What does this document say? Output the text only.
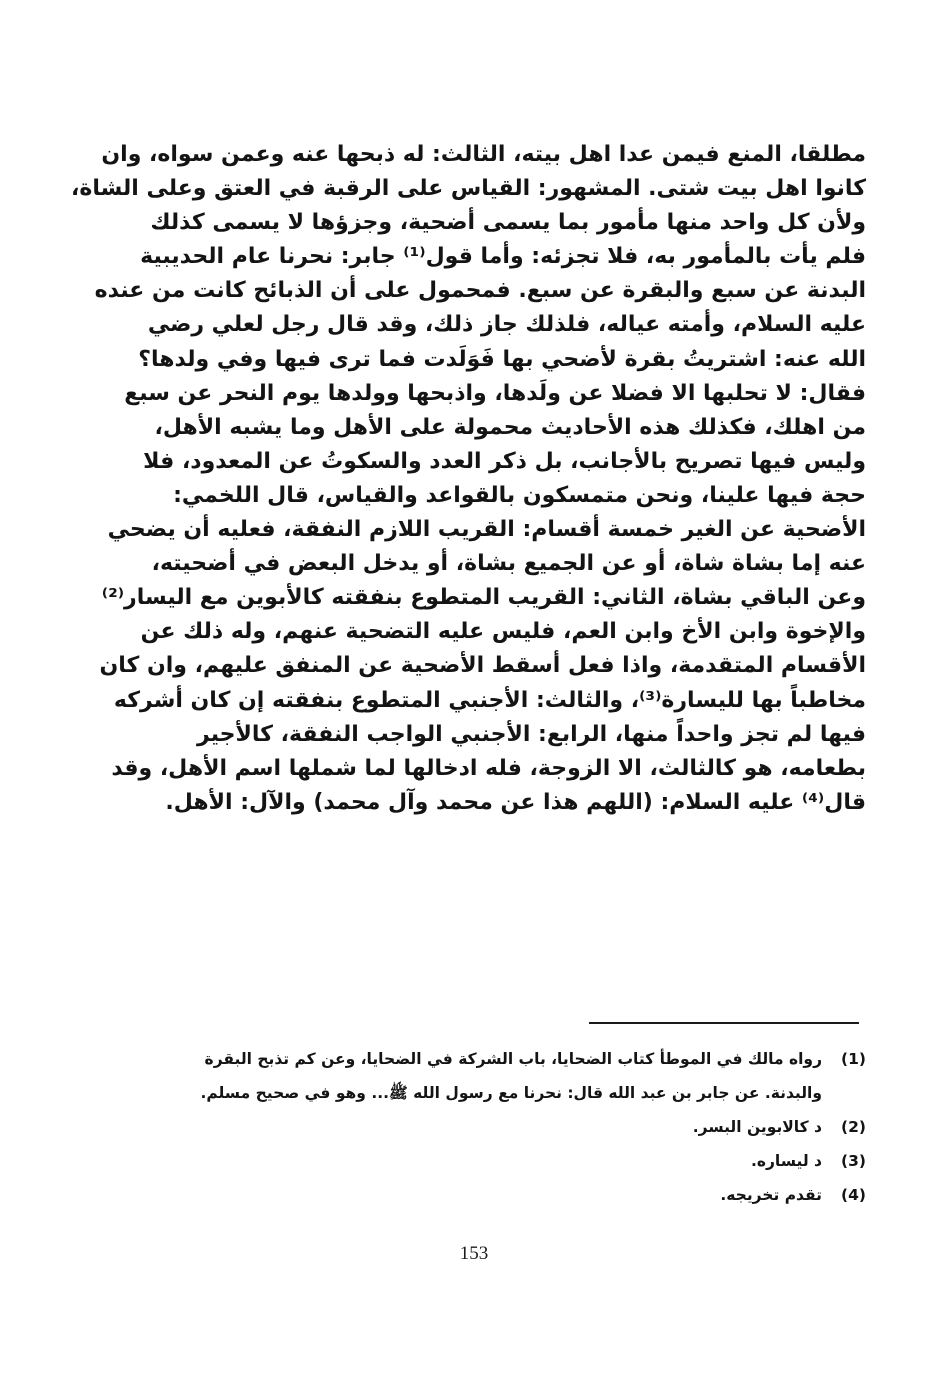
مطلقا، المنع فيمن عدا اهل بيته، الثالث: له ذبحها عنه وعمن سواه، وان
كانوا اهل بيت شتى. المشهور: القياس على الرقبة في العتق وعلى الشاة،
ولأن كل واحد منها مأمور بما يسمى أضحية، وجزؤها لا يسمى كذلك
فلم يأت بالمأمور به، فلا تجزئه: وأما قول⁽¹⁾ جابر: نحرنا عام الحديبية
البدنة عن سبع والبقرة عن سبع. فمحمول على أن الذبائح كانت من عنده
عليه السلام، وأمته عياله، فلذلك جاز ذلك، وقد قال رجل لعلي رضي
الله عنه: اشتريتُ بقرة لأضحي بها فَوَلَدت فما ترى فيها وفي ولدها؟
فقال: لا تحلبها الا فضلا عن ولَدها، واذبحها وولدها يوم النحر عن سبع
من اهلك، فكذلك هذه الأحاديث محمولة على الأهل وما يشبه الأهل،
وليس فيها تصريح بالأجانب، بل ذكر العدد والسكوتُ عن المعدود، فلا
حجة فيها علينا، ونحن متمسكون بالقواعد والقياس، قال اللخمي:
الأضحية عن الغير خمسة أقسام: القريب اللازم النفقة، فعليه أن يضحي
عنه إما بشاة شاة، أو عن الجميع بشاة، أو يدخل البعض في أضحيته،
وعن الباقي بشاة، الثاني: القريب المتطوع بنفقته كالأبوين مع اليسار⁽²⁾
والإخوة وابن الأخ وابن العم، فليس عليه التضحية عنهم، وله ذلك عن
الأقسام المتقدمة، واذا فعل أسقط الأضحية عن المنفق عليهم، وان كان
مخاطباً بها لليسارة⁽³⁾، والثالث: الأجنبي المتطوع بنفقته إن كان أشركه
فيها لم تجز واحداً منها، الرابع: الأجنبي الواجب النفقة، كالأجير
بطعامه، هو كالثالث، الا الزوجة، فله ادخالها لما شملها اسم الأهل، وقد
قال⁽⁴⁾ عليه السلام: (اللهم هذا عن محمد وآل محمد) والآل: الأهل.
(1)
رواه مالك في الموطأ كتاب الضحايا، باب الشركة في الضحايا، وعن كم تذبح البقرة
والبدنة. عن جابر بن عبد الله قال: نحرنا مع رسول الله ﷺ... وهو في صحيح مسلم.
(2)
د كالابوين البسر.
(3)
د ليساره.
(4)
تقدم تخريجه.
153
